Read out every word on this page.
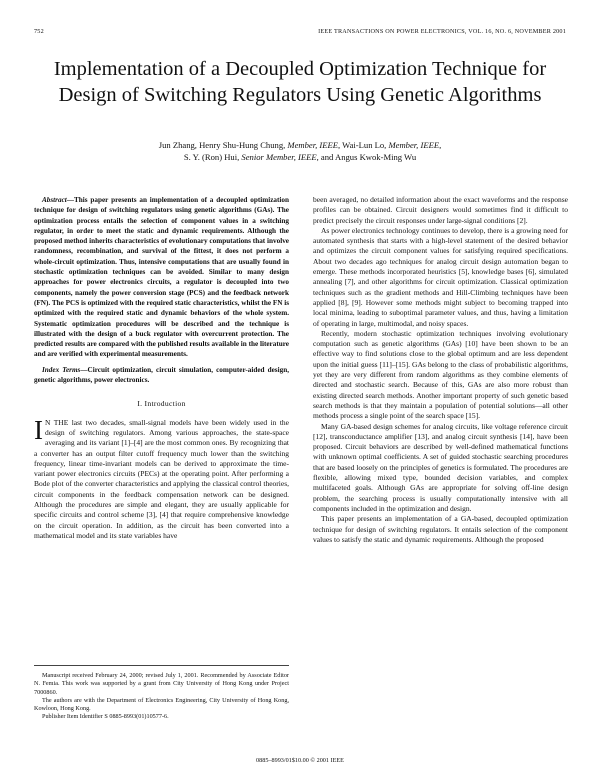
752	IEEE TRANSACTIONS ON POWER ELECTRONICS, VOL. 16, NO. 6, NOVEMBER 2001
Implementation of a Decoupled Optimization Technique for Design of Switching Regulators Using Genetic Algorithms
Jun Zhang, Henry Shu-Hung Chung, Member, IEEE, Wai-Lun Lo, Member, IEEE,
S. Y. (Ron) Hui, Senior Member, IEEE, and Angus Kwok-Ming Wu
Abstract—This paper presents an implementation of a decoupled optimization technique for design of switching regulators using genetic algorithms (GAs). The optimization process entails the selection of component values in a switching regulator, in order to meet the static and dynamic requirements. Although the proposed method inherits characteristics of evolutionary computations that involve randomness, recombination, and survival of the fittest, it does not perform a whole-circuit optimization. Thus, intensive computations that are usually found in stochastic optimization techniques can be avoided. Similar to many design approaches for power electronics circuits, a regulator is decoupled into two components, namely the power conversion stage (PCS) and the feedback network (FN). The PCS is optimized with the required static characteristics, whilst the FN is optimized with the required static and dynamic behaviors of the whole system. Systematic optimization procedures will be described and the technique is illustrated with the design of a buck regulator with overcurrent protection. The predicted results are compared with the published results available in the literature and are verified with experimental measurements.
Index Terms—Circuit optimization, circuit simulation, computer-aided design, genetic algorithms, power electronics.
I. Introduction

I N THE last two decades, small-signal models have been widely used in the design of switching regulators. Among various approaches, the state-space averaging and its variant [1]–[4] are the most common ones. By recognizing that a converter has an output filter cutoff frequency much lower than the switching frequency, linear time-invariant models can be derived to approximate the time-variant power electronics circuits (PECs) at the operating point. After performing a Bode plot of the converter characteristics and applying the classical control theories, circuit components in the feedback compensation network can be designed. Although the procedures are simple and elegant, they are usually applicable for specific circuits and control scheme [3], [4] that require comprehensive knowledge on the circuit operation. In addition, as the circuit has been converted into a mathematical model and its state variables have

been averaged, no detailed information about the exact waveforms and the response profiles can be obtained. Circuit designers would sometimes find it difficult to predict precisely the circuit responses under large-signal conditions [2].

As power electronics technology continues to develop, there is a growing need for automated synthesis that starts with a high-level statement of the desired behavior and optimizes the circuit component values for satisfying required specifications. About two decades ago techniques for analog circuit design automation began to emerge. These methods incorporated heuristics [5], knowledge bases [6], simulated annealing [7], and other algorithms for circuit optimization. Classical optimization techniques such as the gradient methods and Hill-Climbing techniques have been applied [8], [9]. However some methods might subject to becoming trapped into local minima, leading to suboptimal parameter values, and thus, having a limitation of operating in large, multimodal, and noisy spaces.

Recently, modern stochastic optimization techniques involving evolutionary computation such as genetic algorithms (GAs) [10] have been shown to be an effective way to find solutions close to the global optimum and are less dependent upon the initial guess [11]–[15]. GAs belong to the class of probabilistic algorithms, yet they are very different from random algorithms as they combine elements of directed and stochastic search. Because of this, GAs are also more robust than existing directed search methods. Another important property of such genetic based search methods is that they maintain a population of potential solutions—all other methods process a single point of the search space [15].

Many GA-based design schemes for analog circuits, like voltage reference circuit [12], transconductance amplifier [13], and analog circuit synthesis [14], have been proposed. Circuit behaviors are described by well-defined mathematical functions with unknown optimal coefficients. A set of guided stochastic searching procedures that are based loosely on the principles of genetics is formulated. The procedures are flexible, allowing mixed type, bounded decision variables, and complex multifaceted goals. Although GAs are appropriate for solving off-line design problem, the searching process is usually computationally intensive with all components included in the optimization and design.

This paper presents an implementation of a GA-based, decoupled optimization technique for design of switching regulators. It entails selection of the component values to satisfy the static and dynamic requirements. Although the proposed

Manuscript received February 24, 2000; revised July 1, 2001. Recommended by Associate Editor N. Femia. This work was supported by a grant from City University of Hong Kong under Project 7000860.

The authors are with the Department of Electronics Engineering, City University of Hong Kong, Kowloon, Hong Kong.

Publisher Item Identifier S 0885-8993(01)10577-6.

0885–8993/01$10.00 © 2001 IEEE
